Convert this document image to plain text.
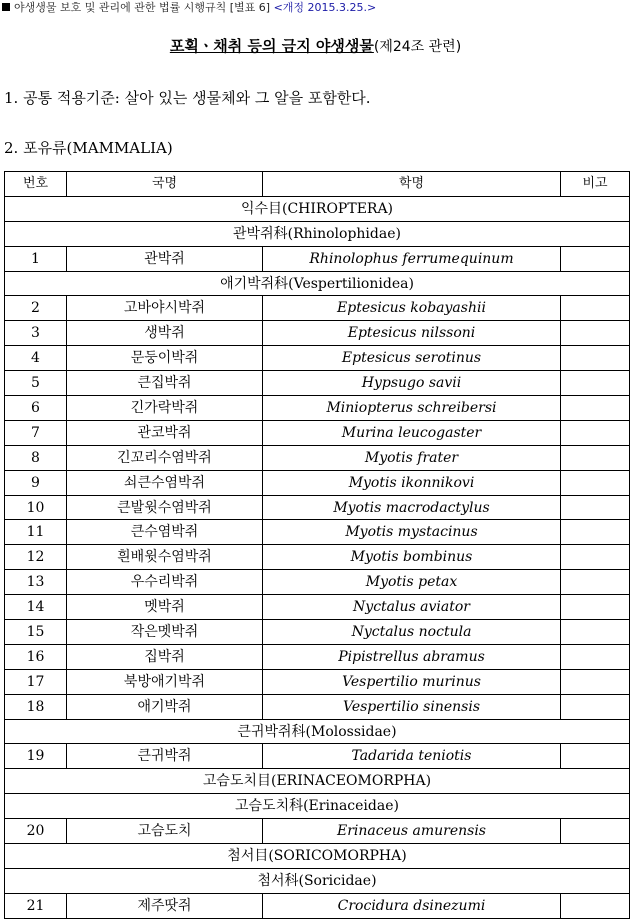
야생생물 보호 및 관리에 관한 법률 시행규칙 [별표 6] <개정 2015.3.25.>
포획ㆍ채취 등의 금지 야생생물(제24조 관련)
1. 공통 적용기준: 살아 있는 생물체와 그 알을 포함한다.
2. 포유류(MAMMALIA)
번호	국명	학명	비고
익수目(CHIROPTERA)			
관박쥐科(Rhinolophidae)			
1	관박쥐	Rhinolophus ferrumequinum	
애기박쥐科(Vespertilionidea)			
2	고바야시박쥐	Eptesicus kobayashii	
3	생박쥐	Eptesicus nilssoni	
4	문둥이박쥐	Eptesicus serotinus	
5	큰집박쥐	Hypsugo savii	
6	긴가락박쥐	Miniopterus schreibersi	
7	관코박쥐	Murina leucogaster	
8	긴꼬리수염박쥐	Myotis frater	
9	쇠큰수염박쥐	Myotis ikonnikovi	
10	큰발윗수염박쥐	Myotis macrodactylus	
11	큰수염박쥐	Myotis mystacinus	
12	흰배윗수염박쥐	Myotis bombinus	
13	우수리박쥐	Myotis petax	
14	멧박쥐	Nyctalus aviator	
15	작은멧박쥐	Nyctalus noctula	
16	집박쥐	Pipistrellus abramus	
17	북방애기박쥐	Vespertilio murinus	
18	애기박쥐	Vespertilio sinensis	
큰귀박쥐科(Molossidae)			
19	큰귀박쥐	Tadarida teniotis	
고슴도치目(ERINACEOMORPHA)			
고슴도치科(Erinaceidae)			
20	고슴도치	Erinaceus amurensis	
첨서目(SORICOMORPHA)			
첨서科(Soricidae)			
21	제주땃쥐	Crocidura dsinezumi	
